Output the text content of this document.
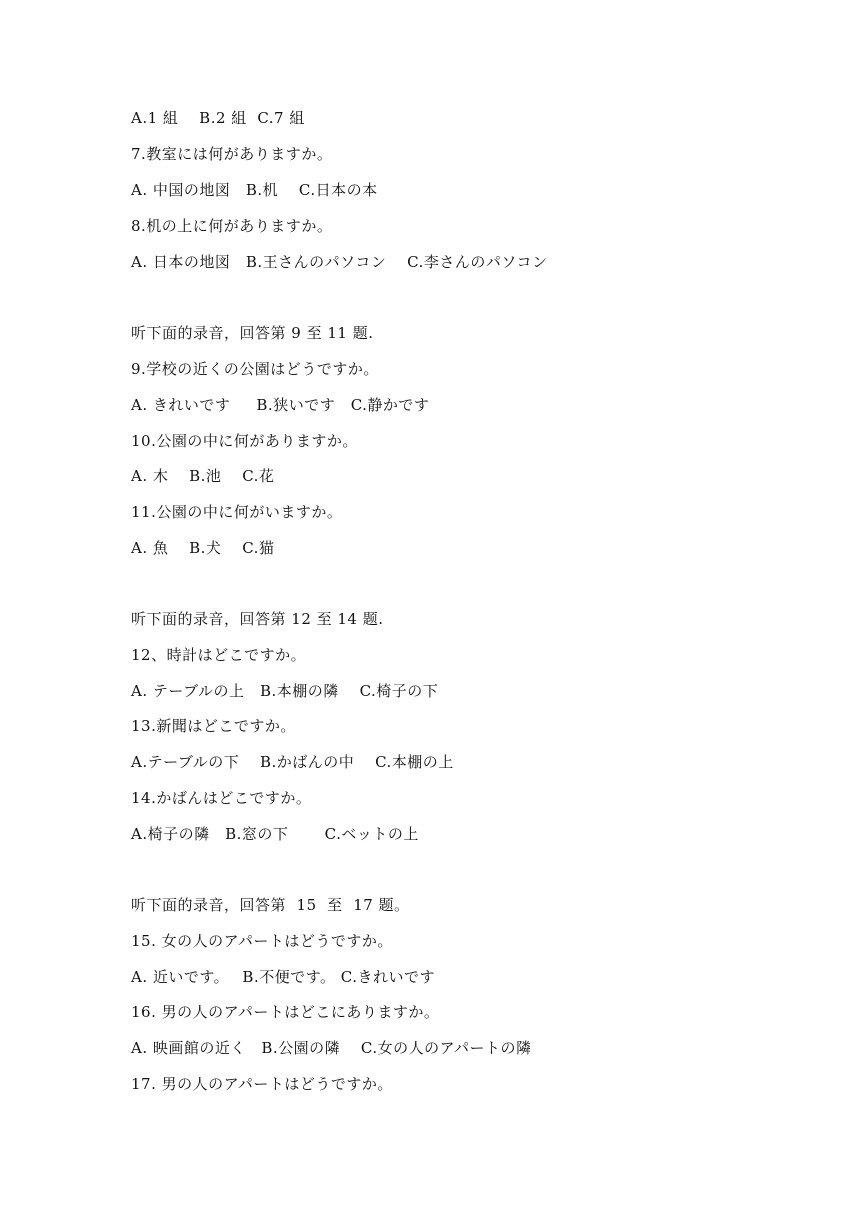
A.1 組　 B.2 組  C.7 組
7.教室には何がありますか。
A. 中国の地図　B.机　 C.日本の本
8.机の上に何がありますか。
A. 日本の地図　B.王さんのパソコン　 C.李さんのパソコン
听下面的录音，回答第 9 至 11 题.
9.学校の近くの公園はどうですか。
A. きれいです　  B.狭いです　C.静かです
10.公園の中に何がありますか。
A. 木　 B.池　 C.花
11.公園の中に何がいますか。
A. 魚　 B.犬　 C.猫
听下面的录音，回答第 12 至 14 题.
12、時計はどこですか。
A. テーブルの上　B.本棚の隣　 C.椅子の下
13.新聞はどこですか。
A.テーブルの下　 B.かばんの中　 C.本棚の上
14.かばんはどこですか。
A.椅子の隣　B.窓の下　　 C.ベットの上
听下面的录音，回答第  15  至  17 题。
15. 女の人のアパートはどうですか。
A. 近いです。　 B.不便です。 C.きれいです
16. 男の人のアパートはどこにありますか。
A. 映画館の近く　B.公園の隣　 C.女の人のアパートの隣
17. 男の人のアパートはどうですか。
